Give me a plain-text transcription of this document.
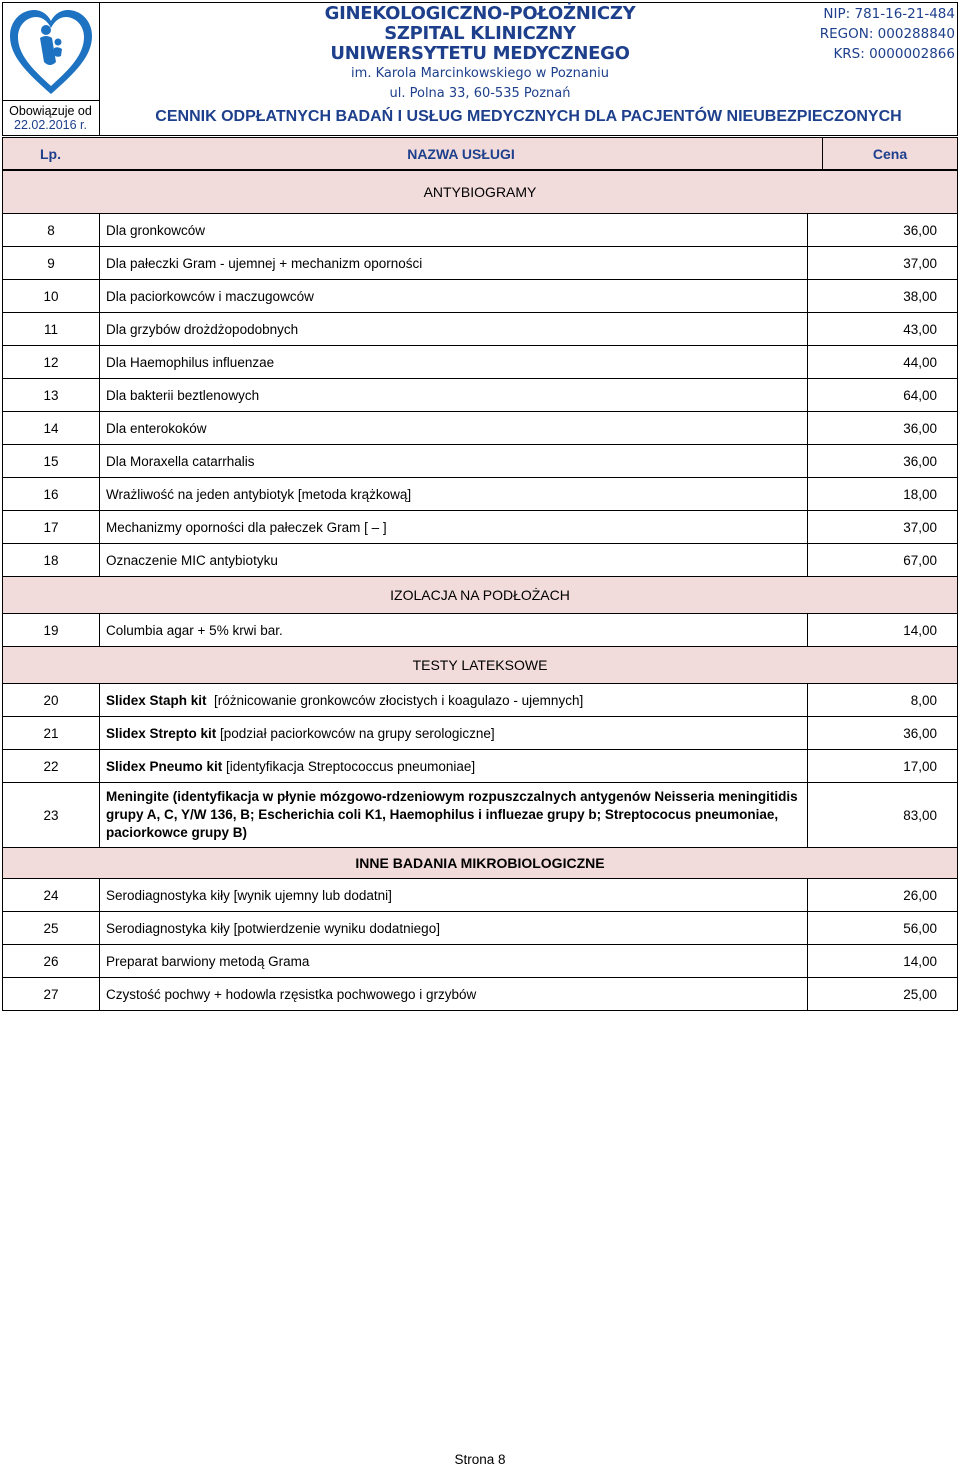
Obowiązuje od
22.02.2016 r.
GINEKOLOGICZNO-POŁOŻNICZY
SZPITAL KLINICZNY
UNIWERSYTETU MEDYCZNEGO
im. Karola Marcinkowskiego w Poznaniu
ul. Polna 33, 60-535 Poznań
NIP: 781-16-21-484
REGON: 000288840
KRS: 0000002866
CENNIK ODPŁATNYCH BADAŃ I USŁUG MEDYCZNYCH DLA PACJENTÓW NIEUBEZPIECZONYCH
Lp.	NAZWA USŁUGI	Cena
ANTYBIOGRAMY		
8	Dla gronkowców	36,00
9	Dla pałeczki Gram - ujemnej + mechanizm oporności	37,00
10	Dla paciorkowców i maczugowców	38,00
11	Dla grzybów drożdżopodobnych	43,00
12	Dla Haemophilus influenzae	44,00
13	Dla bakterii beztlenowych	64,00
14	Dla enterokoków	36,00
15	Dla Moraxella catarrhalis	36,00
16	Wrażliwość na jeden antybiotyk [metoda krążkową]	18,00
17	Mechanizmy oporności dla pałeczek Gram [ – ]	37,00
18	Oznaczenie MIC antybiotyku	67,00
IZOLACJA NA PODŁOŻACH		
19	Columbia agar + 5% krwi bar.	14,00
TESTY LATEKSOWE		
20	Slidex Staph kit  [różnicowanie gronkowców złocistych i koagulazo - ujemnych]	8,00
21	Slidex Strepto kit [podział paciorkowców na grupy serologiczne]	36,00
22	Slidex Pneumo kit [identyfikacja Streptococcus pneumoniae]	17,00
23	Meningite (identyfikacja w płynie mózgowo-rdzeniowym rozpuszczalnych antygenów Neisseria meningitidis grupy A, C, Y/W 136, B; Escherichia coli K1, Haemophilus i influezae grupy b; Streptococus pneumoniae, paciorkowce grupy B)	83,00
INNE BADANIA MIKROBIOLOGICZNE		
24	Serodiagnostyka kiły [wynik ujemny lub dodatni]	26,00
25	Serodiagnostyka kiły [potwierdzenie wyniku dodatniego]	56,00
26	Preparat barwiony metodą Grama	14,00
27	Czystość pochwy + hodowla rzęsistka pochwowego i grzybów	25,00
Strona 8
